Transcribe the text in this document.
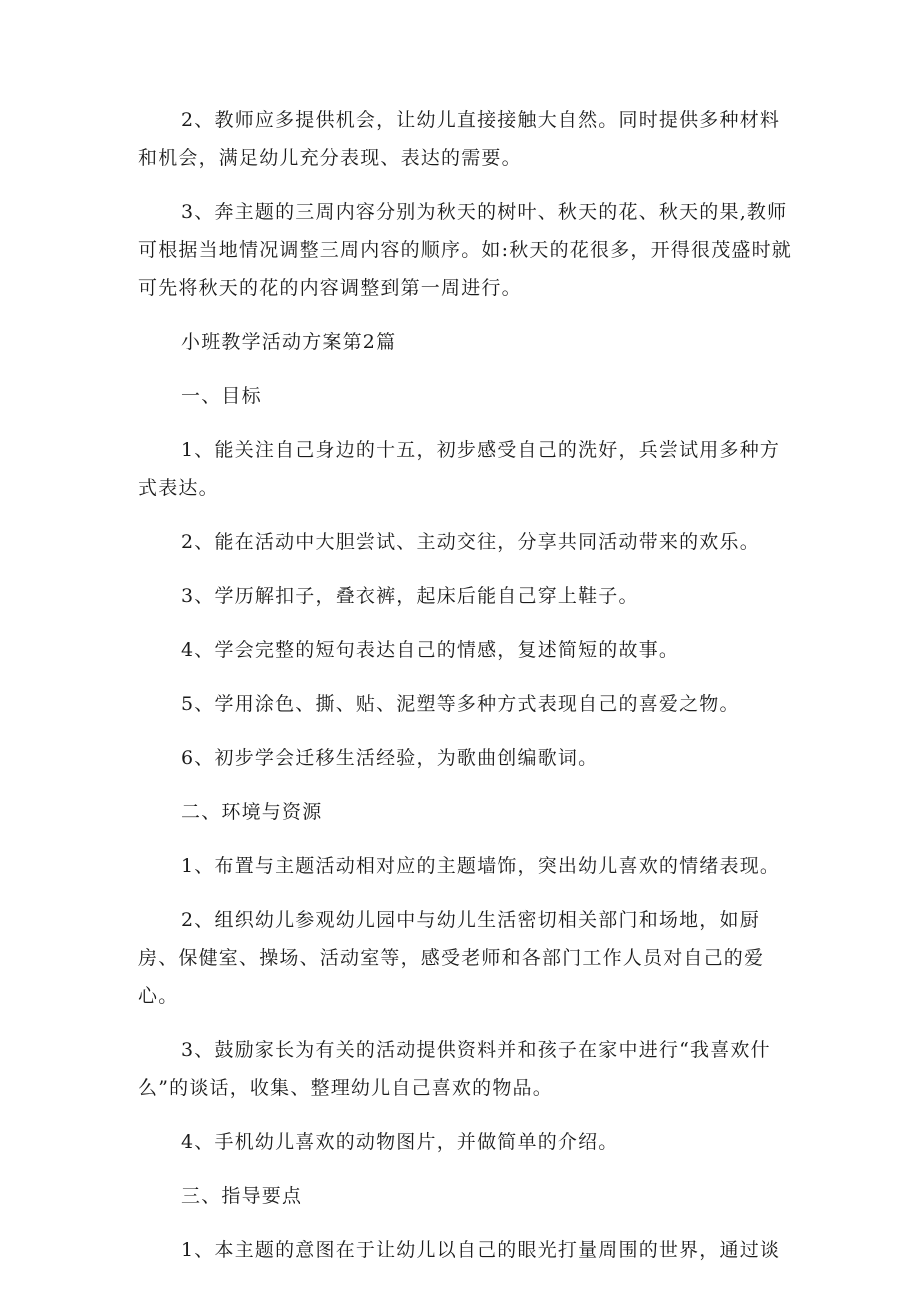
2、教师应多提供机会，让幼儿直接接触大自然。同时提供多种材料和机会，满足幼儿充分表现、表达的需要。

3、奔主题的三周内容分别为秋天的树叶、秋天的花、秋天的果,教师可根据当地情况调整三周内容的顺序。如:秋天的花很多，开得很茂盛时就可先将秋天的花的内容调整到第一周进行。

小班教学活动方案第2篇

一、目标

1、能关注自己身边的十五，初步感受自己的洗好，兵尝试用多种方式表达。

2、能在活动中大胆尝试、主动交往，分享共同活动带来的欢乐。

3、学历解扣子，叠衣裤，起床后能自己穿上鞋子。

4、学会完整的短句表达自己的情感，复述简短的故事。

5、学用涂色、撕、贴、泥塑等多种方式表现自己的喜爱之物。

6、初步学会迁移生活经验，为歌曲创编歌词。

二、环境与资源

1、布置与主题活动相对应的主题墙饰，突出幼儿喜欢的情绪表现。

2、组织幼儿参观幼儿园中与幼儿生活密切相关部门和场地，如厨房、保健室、操场、活动室等，感受老师和各部门工作人员对自己的爱心。

3、鼓励家长为有关的活动提供资料并和孩子在家中进行“我喜欢什么”的谈话，收集、整理幼儿自己喜欢的物品。

4、手机幼儿喜欢的动物图片，并做简单的介绍。

三、指导要点

1、本主题的意图在于让幼儿以自己的眼光打量周围的世界，通过谈
